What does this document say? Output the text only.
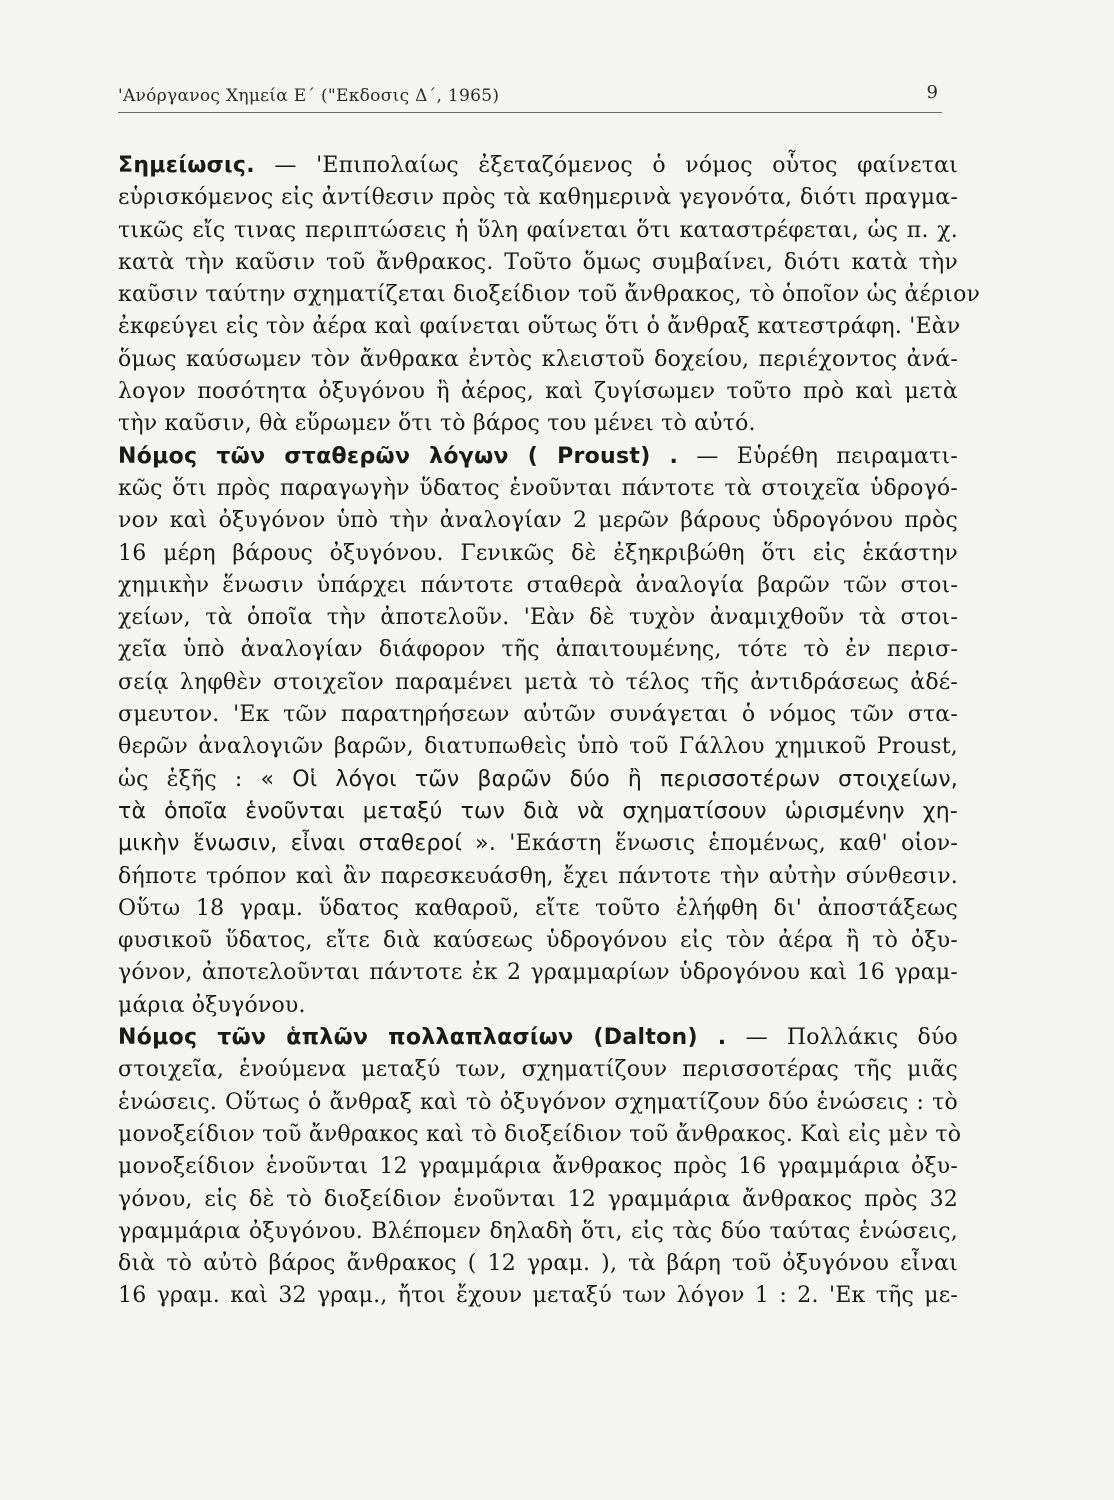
'Ανόργανος Χημεία Ε΄ ("Εκδοσις Δ΄, 1965)	9
Σημείωσις. — 'Επιπολαίως ἐξεταζόμενος ὁ νόμος οὗτος φαίνεται
εὑρισκόμενος εἰς ἀντίθεσιν πρὸς τὰ καθημερινὰ γεγονότα, διότι πραγμα-
τικῶς εἴς τινας περιπτώσεις ἡ ὕλη φαίνεται ὅτι καταστρέφεται, ὡς π. χ.
κατὰ τὴν καῦσιν τοῦ ἄνθρακος. Τοῦτο ὅμως συμβαίνει, διότι κατὰ τὴν
καῦσιν ταύτην σχηματίζεται διοξείδιον τοῦ ἄνθρακος, τὸ ὁποῖον ὡς ἀέριον
ἐκφεύγει εἰς τὸν ἀέρα καὶ φαίνεται οὕτως ὅτι ὁ ἄνθραξ κατεστράφη. 'Εὰν
ὅμως καύσωμεν τὸν ἄνθρακα ἐντὸς κλειστοῦ δοχείου, περιέχοντος ἀνά-
λογον ποσότητα ὀξυγόνου ἢ ἀέρος, καὶ ζυγίσωμεν τοῦτο πρὸ καὶ μετὰ
τὴν καῦσιν, θὰ εὕρωμεν ὅτι τὸ βάρος του μένει τὸ αὐτό.
Νόμος τῶν σταθερῶν λόγων ( Proust) . — Εὑρέθη πειραματι-
κῶς ὅτι πρὸς παραγωγὴν ὕδατος ἑνοῦνται πάντοτε τὰ στοιχεῖα ὑδρογό-
νον καὶ ὀξυγόνον ὑπὸ τὴν ἀναλογίαν 2 μερῶν βάρους ὑδρογόνου πρὸς
16 μέρη βάρους ὀξυγόνου. Γενικῶς δὲ ἐξηκριβώθη ὅτι εἰς ἑκάστην
χημικὴν ἕνωσιν ὑπάρχει πάντοτε σταθερὰ ἀναλογία βαρῶν τῶν στοι-
χείων, τὰ ὁποῖα τὴν ἀποτελοῦν. 'Εὰν δὲ τυχὸν ἀναμιχθοῦν τὰ στοι-
χεῖα ὑπὸ ἀναλογίαν διάφορον τῆς ἀπαιτουμένης, τότε τὸ ἐν περισ-
σείᾳ ληφθὲν στοιχεῖον παραμένει μετὰ τὸ τέλος τῆς ἀντιδράσεως ἀδέ-
σμευτον. 'Εκ τῶν παρατηρήσεων αὐτῶν συνάγεται ὁ νόμος τῶν στα-
θερῶν ἀναλογιῶν βαρῶν, διατυπωθεὶς ὑπὸ τοῦ Γάλλου χημικοῦ Proust,
ὡς ἑξῆς : « Οἱ λόγοι τῶν βαρῶν δύο ἢ περισσοτέρων στοιχείων,
τὰ ὁποῖα ἑνοῦνται μεταξύ των διὰ νὰ σχηματίσουν ὡρισμένην χη-
μικὴν ἕνωσιν, εἶναι σταθεροί ». 'Εκάστη ἕνωσις ἑπομένως, καθ' οἱον-
δήποτε τρόπον καὶ ἂν παρεσκευάσθη, ἔχει πάντοτε τὴν αὐτὴν σύνθεσιν.
Οὕτω 18 γραμ. ὕδατος καθαροῦ, εἴτε τοῦτο ἐλήφθη δι' ἀποστάξεως
φυσικοῦ ὕδατος, εἴτε διὰ καύσεως ὑδρογόνου εἰς τὸν ἀέρα ἢ τὸ ὀξυ-
γόνον, ἀποτελοῦνται πάντοτε ἐκ 2 γραμμαρίων ὑδρογόνου καὶ 16 γραμ-
μάρια ὀξυγόνου.
Νόμος τῶν ἁπλῶν πολλαπλασίων (Dalton) . — Πολλάκις δύο
στοιχεῖα, ἑνούμενα μεταξύ των, σχηματίζουν περισσοτέρας τῆς μιᾶς
ἑνώσεις. Οὕτως ὁ ἄνθραξ καὶ τὸ ὀξυγόνον σχηματίζουν δύο ἑνώσεις : τὸ
μονοξείδιον τοῦ ἄνθρακος καὶ τὸ διοξείδιον τοῦ ἄνθρακος. Καὶ εἰς μὲν τὸ
μονοξείδιον ἑνοῦνται 12 γραμμάρια ἄνθρακος πρὸς 16 γραμμάρια ὀξυ-
γόνου, εἰς δὲ τὸ διοξείδιον ἑνοῦνται 12 γραμμάρια ἄνθρακος πρὸς 32
γραμμάρια ὀξυγόνου. Βλέπομεν δηλαδὴ ὅτι, εἰς τὰς δύο ταύτας ἑνώσεις,
διὰ τὸ αὐτὸ βάρος ἄνθρακος ( 12 γραμ. ), τὰ βάρη τοῦ ὀξυγόνου εἶναι
16 γραμ. καὶ 32 γραμ., ἤτοι ἔχουν μεταξύ των λόγον 1 : 2. 'Εκ τῆς με-
